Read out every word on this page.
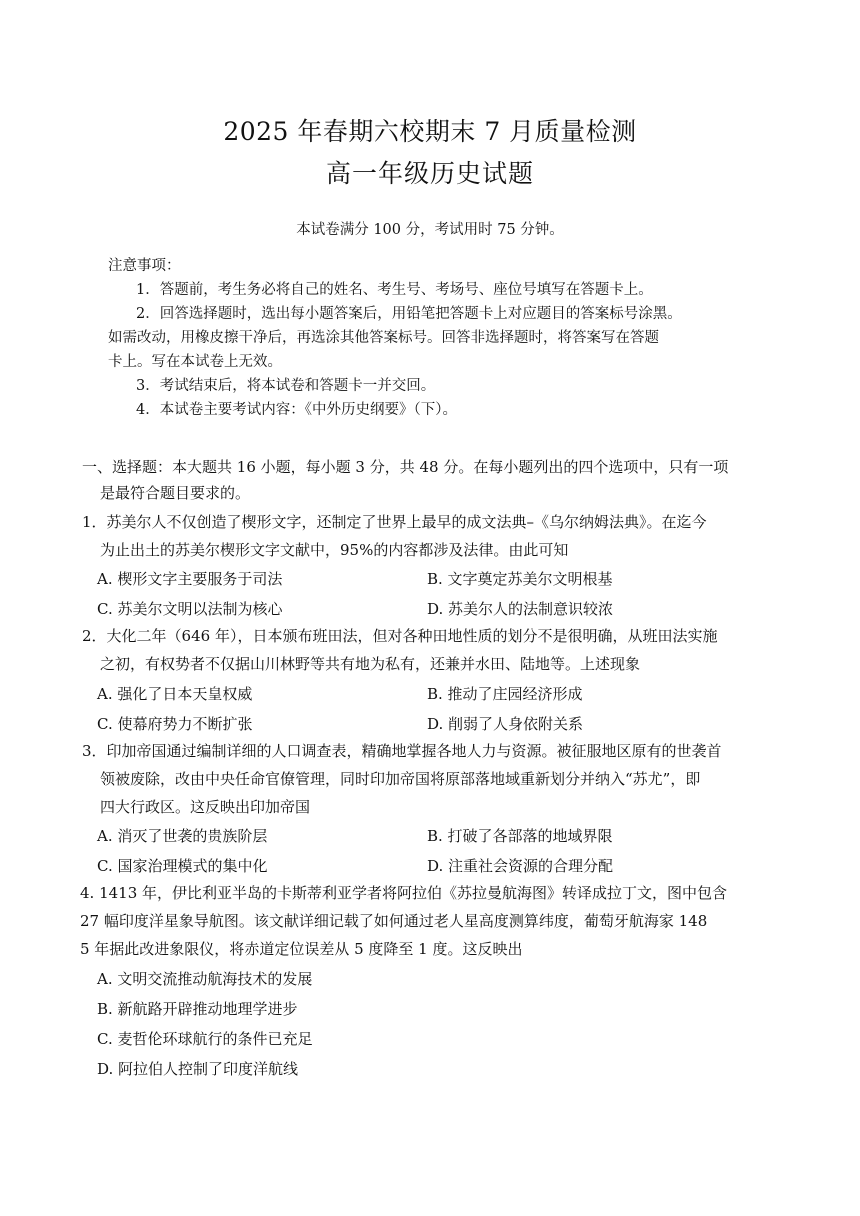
2025 年春期六校期末 7 月质量检测
高一年级历史试题
本试卷满分 100 分，考试用时 75 分钟。
注意事项：
1．答题前，考生务必将自己的姓名、考生号、考场号、座位号填写在答题卡上。
2．回答选择题时，选出每小题答案后，用铅笔把答题卡上对应题目的答案标号涂黑。
如需改动，用橡皮擦干净后，再选涂其他答案标号。回答非选择题时，将答案写在答题
卡上。写在本试卷上无效。
3．考试结束后，将本试卷和答题卡一并交回。
4．本试卷主要考试内容：《中外历史纲要》（下）。
一、选择题：本大题共 16 小题，每小题 3 分，共 48 分。在每小题列出的四个选项中，只有一项
是最符合题目要求的。
1．苏美尔人不仅创造了楔形文字，还制定了世界上最早的成文法典–《乌尔纳姆法典》。在迄今
为止出土的苏美尔楔形文字文献中，95%的内容都涉及法律。由此可知
A. 楔形文字主要服务于司法	B. 文字奠定苏美尔文明根基
C. 苏美尔文明以法制为核心	D. 苏美尔人的法制意识较浓
2．大化二年（646 年），日本颁布班田法，但对各种田地性质的划分不是很明确，从班田法实施
之初，有权势者不仅据山川林野等共有地为私有，还兼并水田、陆地等。上述现象
A. 强化了日本天皇权威	B. 推动了庄园经济形成
C. 使幕府势力不断扩张	D. 削弱了人身依附关系
3．印加帝国通过编制详细的人口调查表，精确地掌握各地人力与资源。被征服地区原有的世袭首
领被废除，改由中央任命官僚管理，同时印加帝国将原部落地域重新划分并纳入“苏尤”，即
四大行政区。这反映出印加帝国
A. 消灭了世袭的贵族阶层	B. 打破了各部落的地域界限
C. 国家治理模式的集中化	D. 注重社会资源的合理分配
4. 1413 年，伊比利亚半岛的卡斯蒂利亚学者将阿拉伯《苏拉曼航海图》转译成拉丁文，图中包含
27 幅印度洋星象导航图。该文献详细记载了如何通过老人星高度测算纬度，葡萄牙航海家 148
5 年据此改进象限仪，将赤道定位误差从 5 度降至 1 度。这反映出
A. 文明交流推动航海技术的发展
B. 新航路开辟推动地理学进步
C. 麦哲伦环球航行的条件已充足
D. 阿拉伯人控制了印度洋航线
